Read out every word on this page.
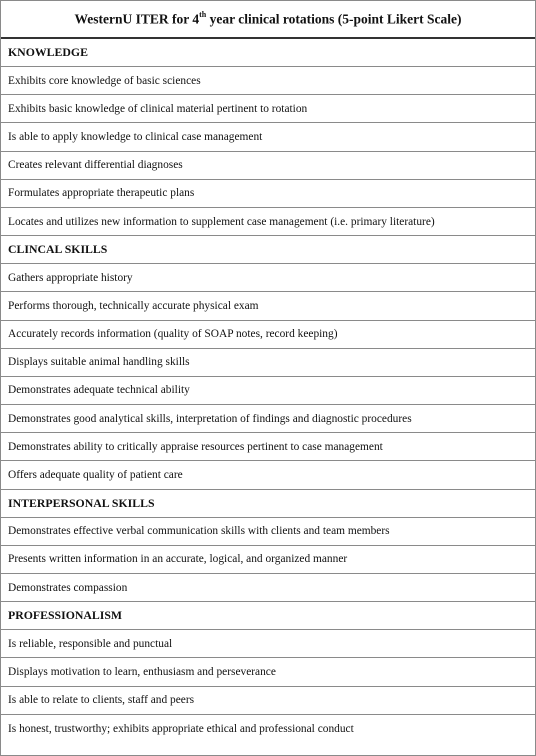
WesternU ITER for 4th year clinical rotations (5-point Likert Scale)
KNOWLEDGE
Exhibits core knowledge of basic sciences
Exhibits basic knowledge of clinical material pertinent to rotation
Is able to apply knowledge to clinical case management
Creates relevant differential diagnoses
Formulates appropriate therapeutic plans
Locates and utilizes new information to supplement case management (i.e. primary literature)
CLINCAL SKILLS
Gathers appropriate history
Performs thorough, technically accurate physical exam
Accurately records information (quality of SOAP notes, record keeping)
Displays suitable animal handling skills
Demonstrates adequate technical ability
Demonstrates good analytical skills, interpretation of findings and diagnostic procedures
Demonstrates ability to critically appraise resources pertinent to case management
Offers adequate quality of patient care
INTERPERSONAL SKILLS
Demonstrates effective verbal communication skills with clients and team members
Presents written information in an accurate, logical, and organized manner
Demonstrates compassion
PROFESSIONALISM
Is reliable, responsible and punctual
Displays motivation to learn, enthusiasm and perseverance
Is able to relate to clients, staff and peers
Is honest, trustworthy; exhibits appropriate ethical and professional conduct
